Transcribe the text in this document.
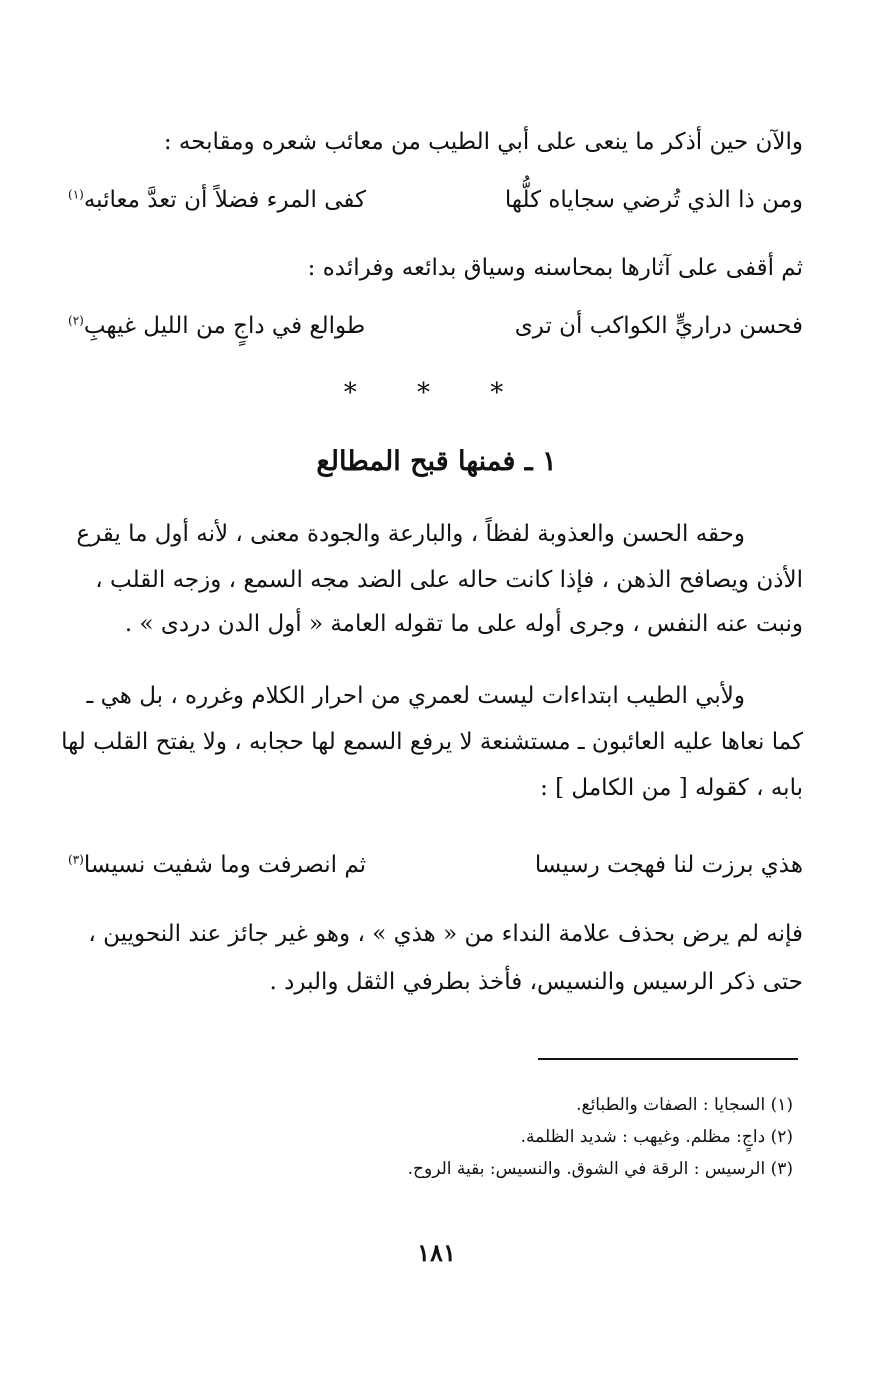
والآن حين أذكر ما ينعى على أبي الطيب من معائب شعره ومقابحه :
ومن ذا الذي تُرضي سجاياه كلُّها
كفى المرء فضلاً أن تعدَّ معائبه$^{(١)}$
ثم أقفى على آثارها بمحاسنه وسياق بدائعه وفرائده :
فحسن دراريٍّ الكواكب أن ترى
طوالع في داجٍ من الليل غيهبِ$^{(٢)}$
* * *
١ ـ فمنها قبح المطالع
وحقه الحسن والعذوبة لفظاً ، والبارعة والجودة معنى ، لأنه أول ما يقرع
الأذن ويصافح الذهن ، فإذا كانت حاله على الضد مجه السمع ، وزجه القلب ،
ونبت عنه النفس ، وجرى أوله على ما تقوله العامة « أول الدن دردى » .
ولأبي الطيب ابتداءات ليست لعمري من احرار الكلام وغرره ، بل هي ـ
كما نعاها عليه العائبون ـ مستشنعة لا يرفع السمع لها حجابه ، ولا يفتح القلب لها
بابه ، كقوله [ من الكامل ] :
هذي برزت لنا فهجت رسيسا
ثم انصرفت وما شفيت نسيسا$^{(٣)}$
فإنه لم يرض بحذف علامة النداء من « هذي » ، وهو غير جائز عند النحويين ،
حتى ذكر الرسيس والنسيس، فأخذ بطرفي الثقل والبرد .
(١) السجايا : الصفات والطبائع.
(٢) داجٍ: مظلم. وغيهب : شديد الظلمة.
(٣) الرسيس : الرقة في الشوق. والنسيس: بقية الروح.
١٨١
